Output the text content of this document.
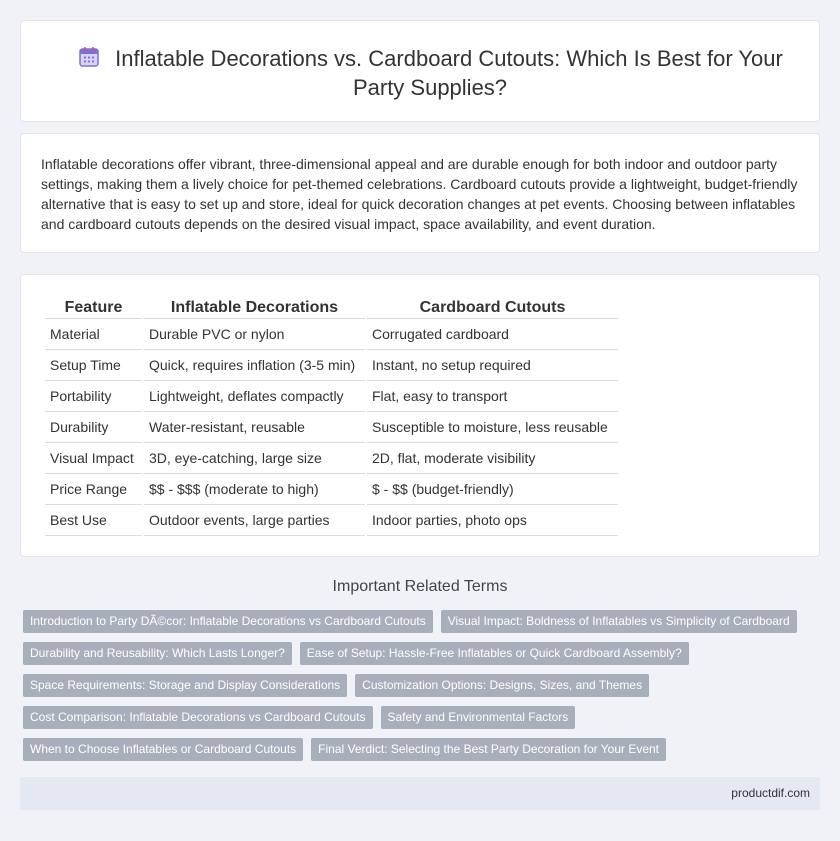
Inflatable Decorations vs. Cardboard Cutouts: Which Is Best for Your Party Supplies?

Inflatable decorations offer vibrant, three-dimensional appeal and are durable enough for both indoor and outdoor party settings, making them a lively choice for pet-themed celebrations. Cardboard cutouts provide a lightweight, budget-friendly alternative that is easy to set up and store, ideal for quick decoration changes at pet events. Choosing between inflatables and cardboard cutouts depends on the desired visual impact, space availability, and event duration.

Feature	Inflatable Decorations	Cardboard Cutouts
Material	Durable PVC or nylon	Corrugated cardboard
Setup Time	Quick, requires inflation (3-5 min)	Instant, no setup required
Portability	Lightweight, deflates compactly	Flat, easy to transport
Durability	Water-resistant, reusable	Susceptible to moisture, less reusable
Visual Impact	3D, eye-catching, large size	2D, flat, moderate visibility
Price Range	$$ - $$$ (moderate to high)	$ - $$ (budget-friendly)
Best Use	Outdoor events, large parties	Indoor parties, photo ops
Important Related Terms
Introduction to Party DÃ©cor: Inflatable Decorations vs Cardboard Cutouts	Visual Impact: Boldness of Inflatables vs Simplicity of Cardboard
Durability and Reusability: Which Lasts Longer?	Ease of Setup: Hassle-Free Inflatables or Quick Cardboard Assembly?
Space Requirements: Storage and Display Considerations	Customization Options: Designs, Sizes, and Themes
Cost Comparison: Inflatable Decorations vs Cardboard Cutouts	Safety and Environmental Factors
When to Choose Inflatables or Cardboard Cutouts	Final Verdict: Selecting the Best Party Decoration for Your Event
productdif.com
